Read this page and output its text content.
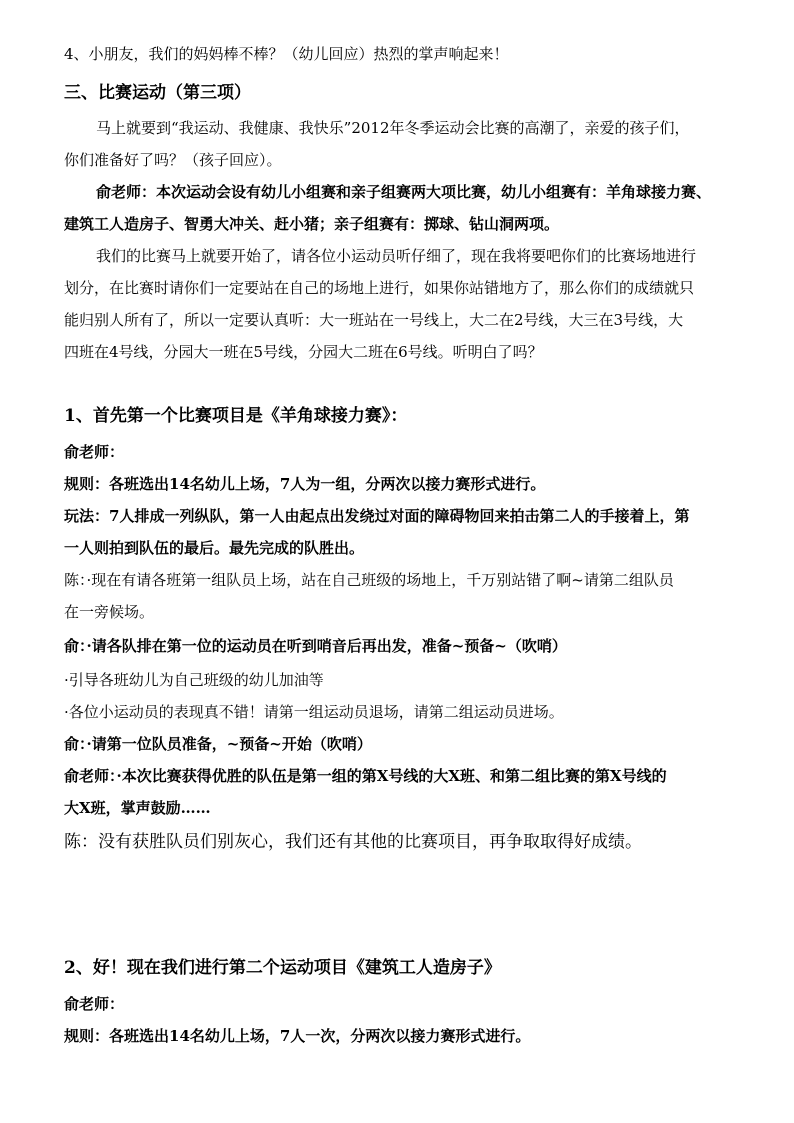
4、小朋友，我们的妈妈棒不棒？（幼儿回应）热烈的掌声响起来！
三、比赛运动（第三项）
马上就要到“我运动、我健康、我快乐”2012年冬季运动会比赛的高潮了，亲爱的孩子们，
你们准备好了吗？（孩子回应）。
俞老师：本次运动会设有幼儿小组赛和亲子组赛两大项比赛，幼儿小组赛有：羊角球接力赛、
建筑工人造房子、智勇大冲关、赶小猪；亲子组赛有：掷球、钻山洞两项。
我们的比赛马上就要开始了，请各位小运动员听仔细了，现在我将要吧你们的比赛场地进行
划分，在比赛时请你们一定要站在自己的场地上进行，如果你站错地方了，那么你们的成绩就只
能归别人所有了，所以一定要认真听：大一班站在一号线上，大二在2号线，大三在3号线，大
四班在4号线，分园大一班在5号线，分园大二班在6号线。听明白了吗？
1、首先第一个比赛项目是《羊角球接力赛》：
俞老师：
规则：各班选出14名幼儿上场，7人为一组，分两次以接力赛形式进行。
玩法：7人排成一列纵队，第一人由起点出发绕过对面的障碍物回来拍击第二人的手接着上，第
一人则拍到队伍的最后。最先完成的队胜出。
陈：·现在有请各班第一组队员上场，站在自己班级的场地上，千万别站错了啊~请第二组队员
在一旁候场。
俞：·请各队排在第一位的运动员在听到哨音后再出发，准备~预备~（吹哨）
·引导各班幼儿为自己班级的幼儿加油等
·各位小运动员的表现真不错！请第一组运动员退场，请第二组运动员进场。
俞：·请第一位队员准备，~预备~开始（吹哨）
俞老师：·本次比赛获得优胜的队伍是第一组的第X号线的大X班、和第二组比赛的第X号线的
大X班，掌声鼓励……
陈：没有获胜队员们别灰心，我们还有其他的比赛项目，再争取取得好成绩。
2、好！现在我们进行第二个运动项目《建筑工人造房子》
俞老师：
规则：各班选出14名幼儿上场，7人一次，分两次以接力赛形式进行。
